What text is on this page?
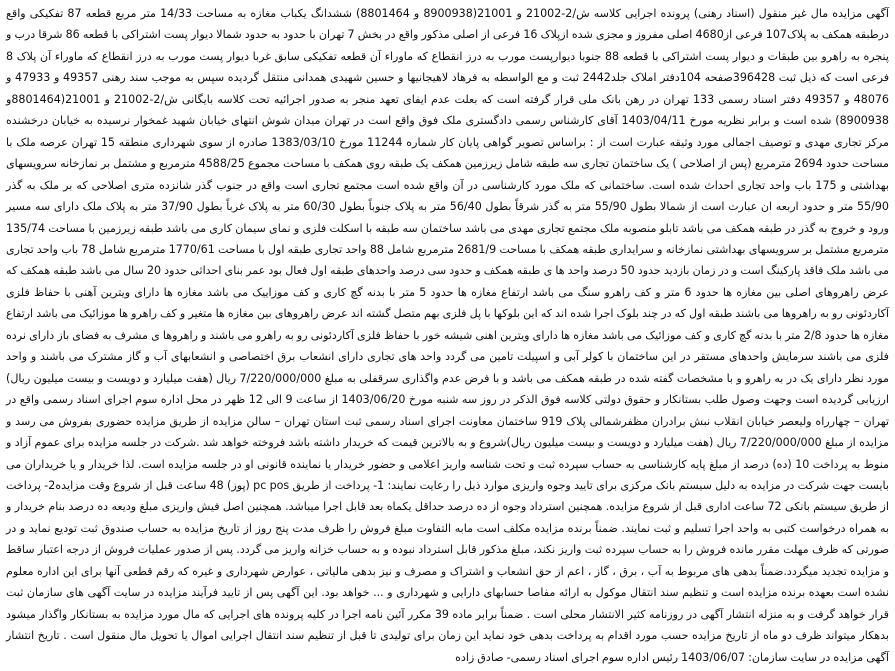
آگهی مزایده مال غیر منقول (اسناد رهنی) پرونده اجرایی کلاسه ش/2-21002 و 21001(8900938 و 8801464) ششدانگ یکباب مغازه به مساحت 14/33 متر مربع قطعه 87 تفکیکی واقع درطبقه همکف به پلاک107 فرعی از4680 اصلی مفروز و مجزی شده ازپلاک 16 فرعی از اصلی مذکور واقع در بخش 7 تهران با حدود به حدود شمالا دیوار پست اشتراکی با قطعه 86 شرقا درب و پنجره به راهرو بین طبقات و دیوار پست اشتراکی با قطعه 88 جنوبا دیوارپست مورب به درز انقطاع که ماوراء آن قطعه تفکیکی سابق غربا دیوار پست مورب به درز انقطاع که ماوراء آن پلاک 8 فرعی است که ذیل ثبت 396428صفحه 104دفتر املاک جلد2442 ثبت و مع الواسطه به فرهاد لاهیجانیها و حسین شهیدی همدانی منتقل گردیده سپس به موجب سند رهنی 49357 و 47933 و 48076 و 49357 دفتر اسناد رسمی 133 تهران در رهن بانک ملی قرار گرفته است که بعلت عدم ایفای تعهد منجر به صدور اجرائیه تحت کلاسه بایگانی ش/2-21002 و 21001(8801464و 8900938) شده است و برابر نظریه مورخ 1403/04/11 آقای کارشناس رسمی دادگستری ملک فوق واقع است در تهران میدان شوش انتهای خیابان شهید غمخوار نرسیده به خیابان درخشنده مرکز تجاری مهدی و توصیف اجمالی مورد وثیقه عبارت است از : براساس تصویر گواهی پایان کار شماره 11244 مورخ 1383/03/10 صادره از سوی شهرداری منطقه 15 تهران عرصه ملک با مساحت حدود 2694 مترمربع (پس از اصلاحی ) یک ساختمان تجاری سه طبقه شامل زیرزمین همکف یک طبقه روی همکف با مساحت مجموع 4588/25 مترمربع و مشتمل بر نمازخانه سرویسهای بهداشتی و 175 باب واحد تجاری احداث شده است. ساختمانی که ملک مورد کارشناسی در آن واقع شده است مجتمع تجاری است واقع در جنوب گذر شانزده متری اصلاحی که بر ملک به گذر 55/90 متر و حدود اربعه ان عبارت است از شمالا بطول 55/90 متر به گذر شرقاً بطول 56/40 متر به پلاک جنوباً بطول 60/30 متر به پلاک غرباً بطول 37/90 متر به پلاک ملک دارای سه مسیر ورود و خروج به گذر در طبقه همکف می باشد تابلو منصوبه ملک مجتمع تجاری مهدی می باشد ساختمان سه طبقه با اسکلت فلزی و نمای سیمان کاری می باشد طبقه زیرزمین با مساحت 135/74 مترمربع مشتمل بر سرویسهای بهداشتی نمازخانه و سرایداری طبقه همکف با مساحت 2681/9 مترمربع شامل 88 واحد تجاری طبقه اول با مساحت 1770/61 مترمربع شامل 78 باب واحد تجاری می باشد ملک فاقد پارکینگ است و در زمان بازدید حدود 50 درصد واحد ها ی طبقه همکف و حدود سی درصد واحدهای طبقه اول فعال بود عمر بنای احداثی حدود 20 سال می باشد طبقه همکف که عرض راهروهای اصلی بین مغازه ها حدود 6 متر و کف راهرو سنگ می باشد ارتفاع مغازه ها حدود 5 متر با بدنه گچ کاری و کف موزاییک می باشد مغازه ها دارای ویترین آهنی با حفاظ فلزی آکاردئونی رو به راهروها می باشند طبقه اول که در چند بلوک اجرا شده اند که این بلوکها با پل فلزی بهم متصل گشته اند عرض راهروهای بین مغازه ها متغیر و کف راهرو ها موزائیک می باشد ارتفاع مغازه ها حدود 2/8 متر با بدنه گچ کاری و کف موزائیک می باشد مغازه ها دارای ویترین اهنی شیشه خور با حفاظ فلزی آکاردئونی رو به راهرو می باشند و راهروها ی مشرف به فضای باز دارای نرده فلزی می باشند سرمایش واحدهای مستقر در این ساختمان با کولر آبی و اسپیلت تامین می گردد واحد های تجاری دارای انشعاب برق اختصاصی و انشعابهای آب و گاز مشترک می باشند و واحد مورد نظر دارای یک در به راهرو و با مشخصات گفته شده در طبقه همکف می باشد و با فرض عدم واگذاری سرقفلی به مبلغ 7/220/000/000 ریال (هفت میلیارد و دویست و بیست میلیون ریال) ارزیابی گردیده است وجهت وصول طلب بستانکار و حقوق دولتی کلاسه فوق الذکر در روز سه شنبه مورخ 1403/06/20 از ساعت 9 الی 12 ظهر در محل اداره سوم اجرای اسناد رسمی واقع در تهران – چهارراه ولیعصر خیابان انقلاب نبش برادران مظفرشمالی پلاک 919 ساختمان معاونت اجرای اسناد رسمی ثبت استان تهران – سالن مزایده از طریق مزایده حضوری بفروش می رسد و مزایده از مبلغ 7/220/000/000 ریال (هفت میلیارد و دویست و بیست میلیون ریال)شروع و به بالاترین قیمت که خریدار داشته باشد فروخته خواهد شد .شرکت در جلسه مزایده برای عموم آزاد و منوط به پرداخت 10 (ده) درصد از مبلغ پایه کارشناسی به حساب سپرده ثبت و تحت شناسه واریز اعلامی و حضور خریدار یا نماینده قانونی او در جلسه مزایده است. لذا خریدار و یا خریداران می بایست جهت شرکت در مزایده به دلیل سیستم بانک مرکزی برای تایید وجوه واریزی موارد ذیل را رعایت نمایند: 1- پرداخت از طریق pc pos (پوز) 48 ساعت قبل از شروع وقت مزایده2- پرداخت از طریق سیستم بانکی 72 ساعت اداری قبل از شروع مزایده. همچنین استرداد وجوه از ده درصد حداقل یکماه بعد قابل اجرا میباشد. همچنین اصل فیش واریزی مبلغ ودیعه ده درصد بنام خریدار و به همراه درخواست کتبی به واحد اجرا تسلیم و ثبت نمایند. ضمناً برنده مزایده مکلف است مابه التفاوت مبلغ فروش را ظرف مدت پنج روز از تاریخ مزایده به حساب صندوق ثبت تودیع نماید و در صورتی که ظرف مهلت مقرر مانده فروش را به حساب سپرده ثبت واریز نکند، مبلغ مذکور قابل استرداد نبوده و به حساب خزانه واریز می گردد. پس از صدور عملیات فروش از درجه اعتبار ساقط و مزایده تجدید میگردد.ضمناً بدهی های مربوط به آب ، برق ، گاز ، اعم از حق انشعاب و اشتراک و مصرف و نیز بدهی مالیاتی ، عوارض شهرداری و غیره که رقم قطعی آنها برای این اداره معلوم نشده است بعهده برنده مزایده است و تنظیم سند انتقال موکول به ارائه مفاصا حسابهای دارایی و شهرداری و ... خواهد بود. این آگهی پس از تایید فرآیند مزایده در سایت آگهی های سازمان ثبت قرار خواهد گرفت و به منزله انتشار آگهی در روزنامه کثیر الانتشار محلی است . ضمناً برابر ماده 39 مکرر آئین نامه اجرا در کلیه پرونده های اجرایی که مال مورد مزایده به بستانکار واگذار میشود بدهکار میتواند ظرف دو ماه از تاریخ مزایده حسب مورد اقدام به پرداخت بدهی خود نماید این زمان برای تولیدی تا قبل از تنظیم سند انتقال اجرایی اموال یا تحویل مال منقول است . تاریخ انتشار آگهی مزایده در سایت سازمان: 1403/06/07 رئیس اداره سوم اجرای اسناد رسمی- صادق زاده
